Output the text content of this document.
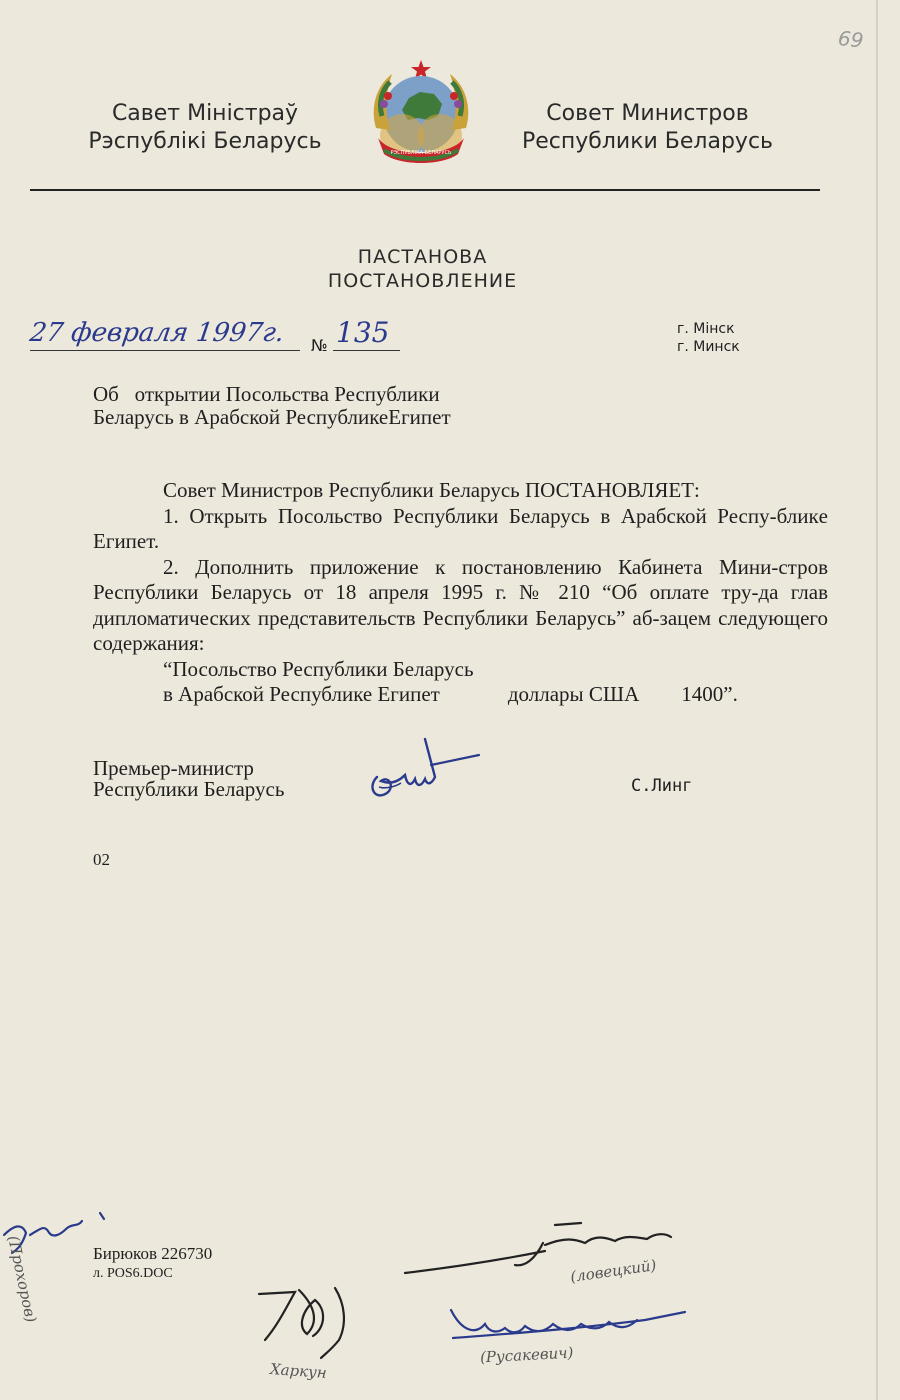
69
Савет Міністраў
Рэспублікі Беларусь	РЭСПУБЛІКА БЕЛАРУСЬ
Совет Министров
Республики Беларусь
ПАСТАНОВА
ПОСТАНОВЛЕНИЕ
27 февраля 1997г.	№ 135	г. Мінск
г. Минск
Об   открытии Посольства Республики
Беларусь в Арабской РеспубликеЕгипет

Совет Министров Республики Беларусь ПОСТАНОВЛЯЕТ:

1. Открыть Посольство Республики Беларусь в Арабской Респу-бликe Египет.

2. Дополнить приложение к постановлению Кабинета Мини-стров Республики Беларусь от 18 апреля 1995 г. № 210 “Об оплате тру-да глав дипломатических представительств Республики Беларусь” аб-зацем следующего содержания:

“Посольство Республики Беларусь
в Арабской Республике Египет	доллары США 1400”.
Премьер-министр
Республики Беларусь	С.Линг
02
Бирюков 226730
л. POS6.DOC
(Прохоров)	(ловецкий)
Харкун
(Русакевич)
